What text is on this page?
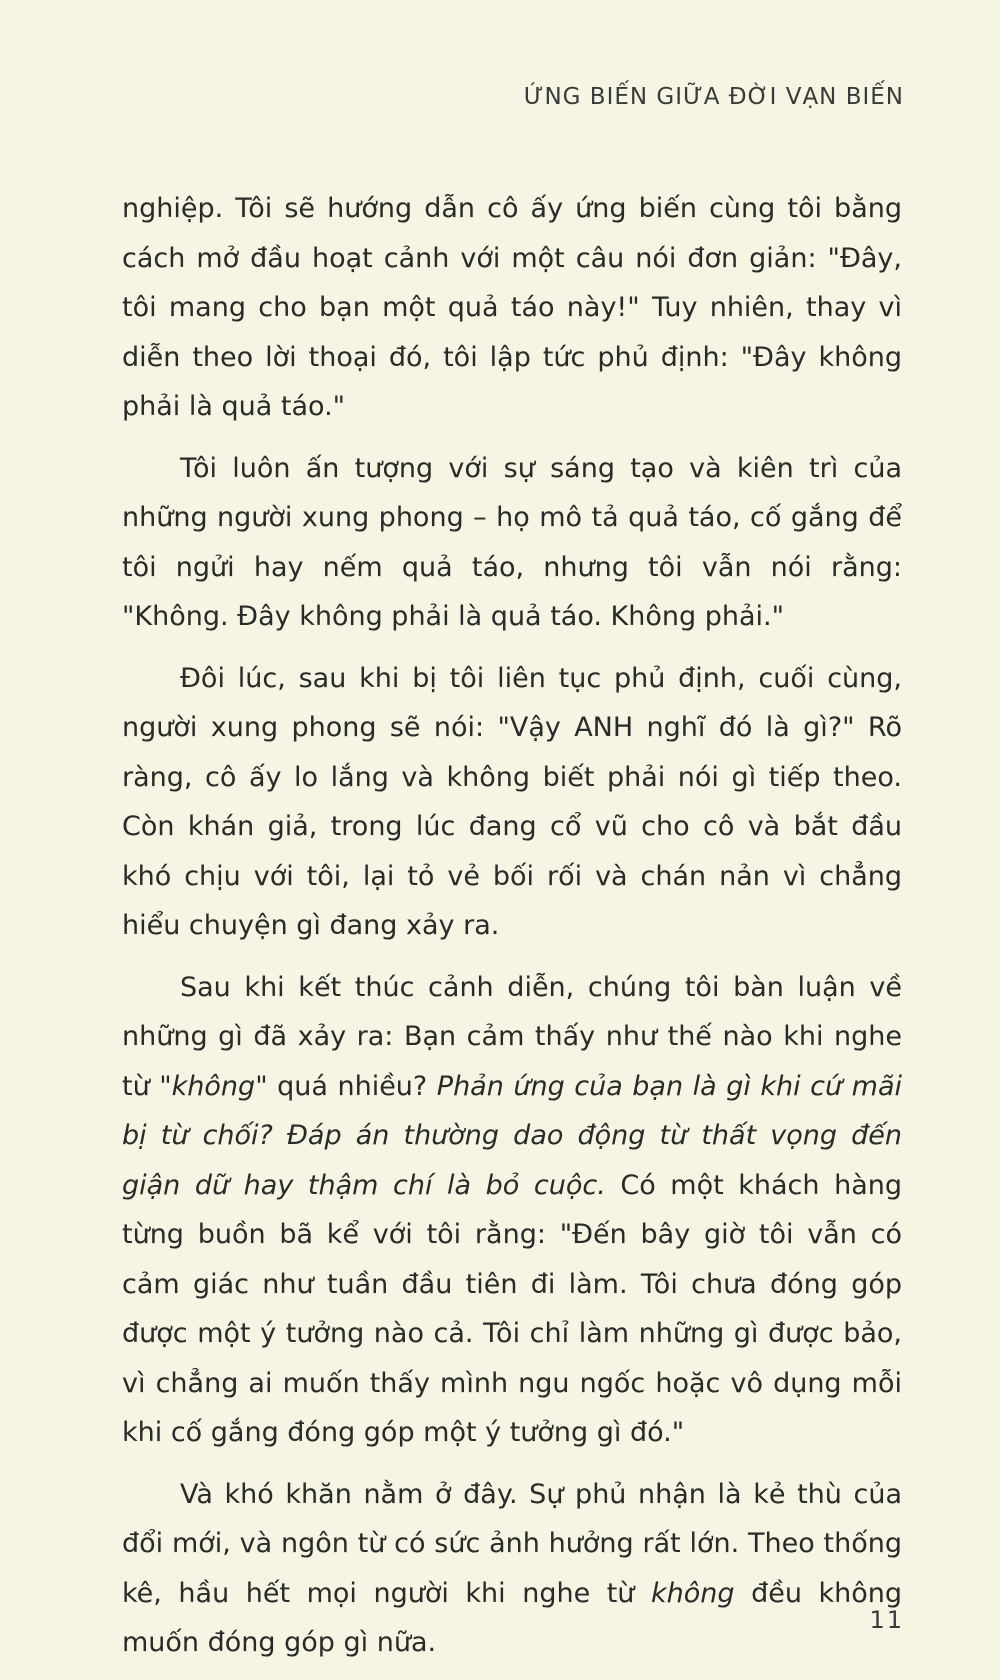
ỨNG BIẾN GIỮA ĐỜI VẠN BIẾN

nghiệp. Tôi sẽ hướng dẫn cô ấy ứng biến cùng tôi bằng cách mở đầu hoạt cảnh với một câu nói đơn giản: "Đây, tôi mang cho bạn một quả táo này!" Tuy nhiên, thay vì diễn theo lời thoại đó, tôi lập tức phủ định: "Đây không phải là quả táo."

Tôi luôn ấn tượng với sự sáng tạo và kiên trì của những người xung phong – họ mô tả quả táo, cố gắng để tôi ngửi hay nếm quả táo, nhưng tôi vẫn nói rằng: "Không. Đây không phải là quả táo. Không phải."

Đôi lúc, sau khi bị tôi liên tục phủ định, cuối cùng, người xung phong sẽ nói: "Vậy ANH nghĩ đó là gì?" Rõ ràng, cô ấy lo lắng và không biết phải nói gì tiếp theo. Còn khán giả, trong lúc đang cổ vũ cho cô và bắt đầu khó chịu với tôi, lại tỏ vẻ bối rối và chán nản vì chẳng hiểu chuyện gì đang xảy ra.

Sau khi kết thúc cảnh diễn, chúng tôi bàn luận về những gì đã xảy ra: Bạn cảm thấy như thế nào khi nghe từ "không" quá nhiều? Phản ứng của bạn là gì khi cứ mãi bị từ chối? Đáp án thường dao động từ thất vọng đến giận dữ hay thậm chí là bỏ cuộc. Có một khách hàng từng buồn bã kể với tôi rằng: "Đến bây giờ tôi vẫn có cảm giác như tuần đầu tiên đi làm. Tôi chưa đóng góp được một ý tưởng nào cả. Tôi chỉ làm những gì được bảo, vì chẳng ai muốn thấy mình ngu ngốc hoặc vô dụng mỗi khi cố gắng đóng góp một ý tưởng gì đó."

Và khó khăn nằm ở đây. Sự phủ nhận là kẻ thù của đổi mới, và ngôn từ có sức ảnh hưởng rất lớn. Theo thống kê, hầu hết mọi người khi nghe từ không đều không muốn đóng góp gì nữa.

11
